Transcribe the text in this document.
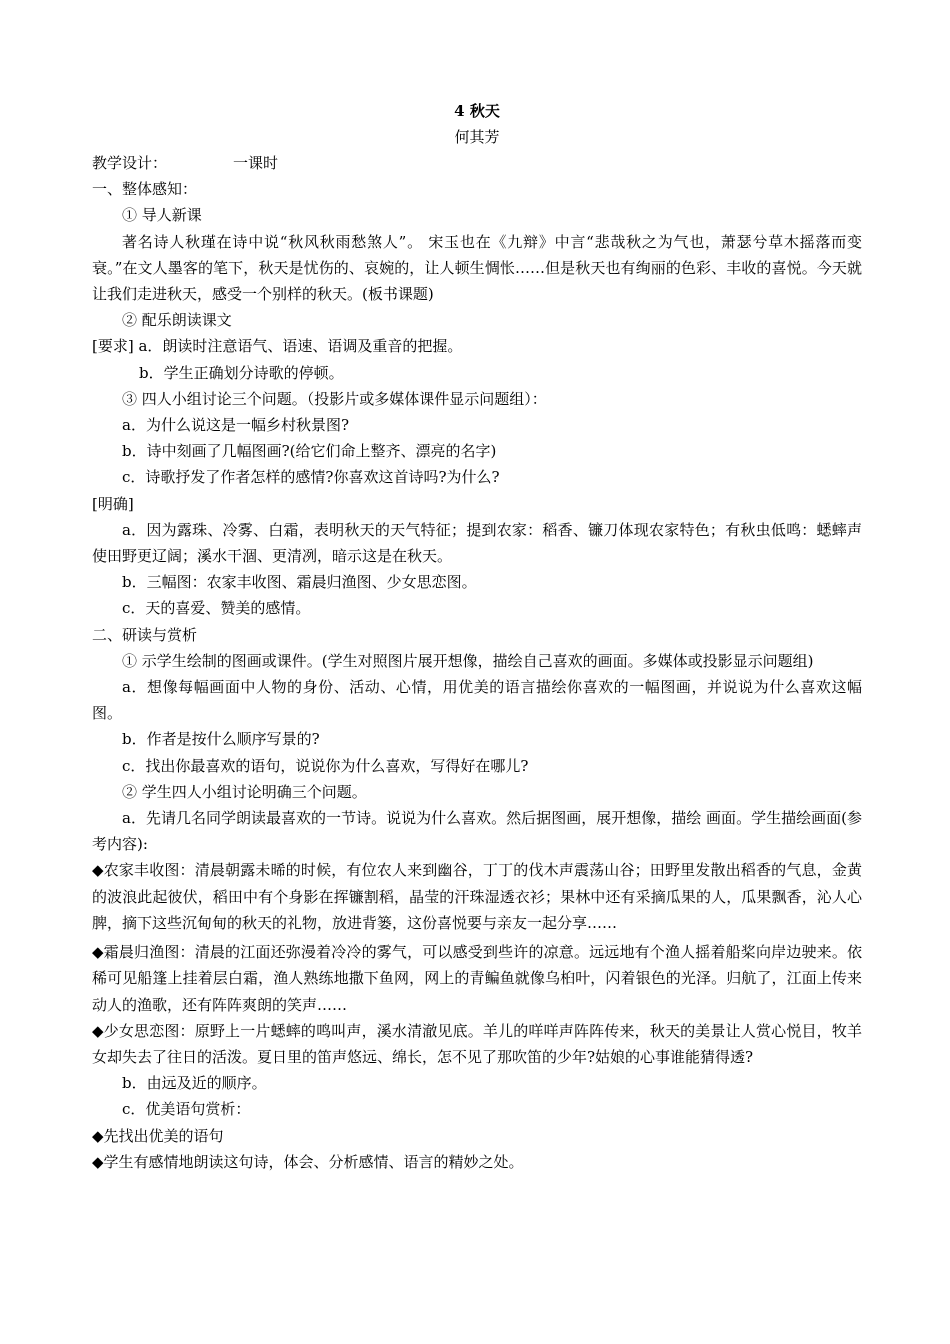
4 秋天

何其芳

教学设计：	一课时

一、整体感知：

① 导人新课

著名诗人秋瑾在诗中说“秋风秋雨愁煞人”。 宋玉也在《九辩》中言“悲哉秋之为气也，萧瑟兮草木摇落而变衰。”在文人墨客的笔下，秋天是忧伤的、哀婉的，让人顿生惆怅……但是秋天也有绚丽的色彩、丰收的喜悦。今天就让我们走进秋天，感受一个别样的秋天。(板书课题)

② 配乐朗读课文

[要求] a．朗读时注意语气、语速、语调及重音的把握。

b．学生正确划分诗歌的停顿。

③ 四人小组讨论三个问题。（投影片或多媒体课件显示问题组）：

a．为什么说这是一幅乡村秋景图?

b．诗中刻画了几幅图画?(给它们命上整齐、漂亮的名字)

c．诗歌抒发了作者怎样的感情?你喜欢这首诗吗?为什么?

[明确]

a．因为露珠、冷雾、白霜，表明秋天的天气特征；提到农家：稻香、镰刀体现农家特色；有秋虫低鸣：蟋蟀声使田野更辽阔；溪水干涸、更清冽，暗示这是在秋天。

b．三幅图：农家丰收图、霜晨归渔图、少女思恋图。

c．天的喜爱、赞美的感情。

二、研读与赏析

① 示学生绘制的图画或课件。(学生对照图片展开想像，描绘自己喜欢的画面。多媒体或投影显示问题组)

a．想像每幅画面中人物的身份、活动、心情，用优美的语言描绘你喜欢的一幅图画，并说说为什么喜欢这幅图。

b．作者是按什么顺序写景的?

c．找出你最喜欢的语句，说说你为什么喜欢，写得好在哪儿?

② 学生四人小组讨论明确三个问题。

a．先请几名同学朗读最喜欢的一节诗。说说为什么喜欢。然后据图画，展开想像，描绘 画面。学生描绘画面(参考内容):

◆农家丰收图：清晨朝露未晞的时候，有位农人来到幽谷，丁丁的伐木声震荡山谷；田野里发散出稻香的气息，金黄的波浪此起彼伏，稻田中有个身影在挥镰割稻，晶莹的汗珠湿透衣衫；果林中还有采摘瓜果的人，瓜果飘香，沁人心脾，摘下这些沉甸甸的秋天的礼物，放进背篓，这份喜悦要与亲友一起分享……

◆霜晨归渔图：清晨的江面还弥漫着冷冷的雾气，可以感受到些许的凉意。远远地有个渔人摇着船桨向岸边驶来。依稀可见船篷上挂着层白霜，渔人熟练地撒下鱼网，网上的青鳊鱼就像乌桕叶，闪着银色的光泽。归航了，江面上传来动人的渔歌，还有阵阵爽朗的笑声……

◆少女思恋图：原野上一片蟋蟀的鸣叫声，溪水清澈见底。羊儿的咩咩声阵阵传来，秋天的美景让人赏心悦目，牧羊女却失去了往日的活泼。夏日里的笛声悠远、绵长，怎不见了那吹笛的少年?姑娘的心事谁能猜得透?

b．由远及近的顺序。

c．优美语句赏析：

◆先找出优美的语句

◆学生有感情地朗读这句诗，体会、分析感情、语言的精妙之处。
